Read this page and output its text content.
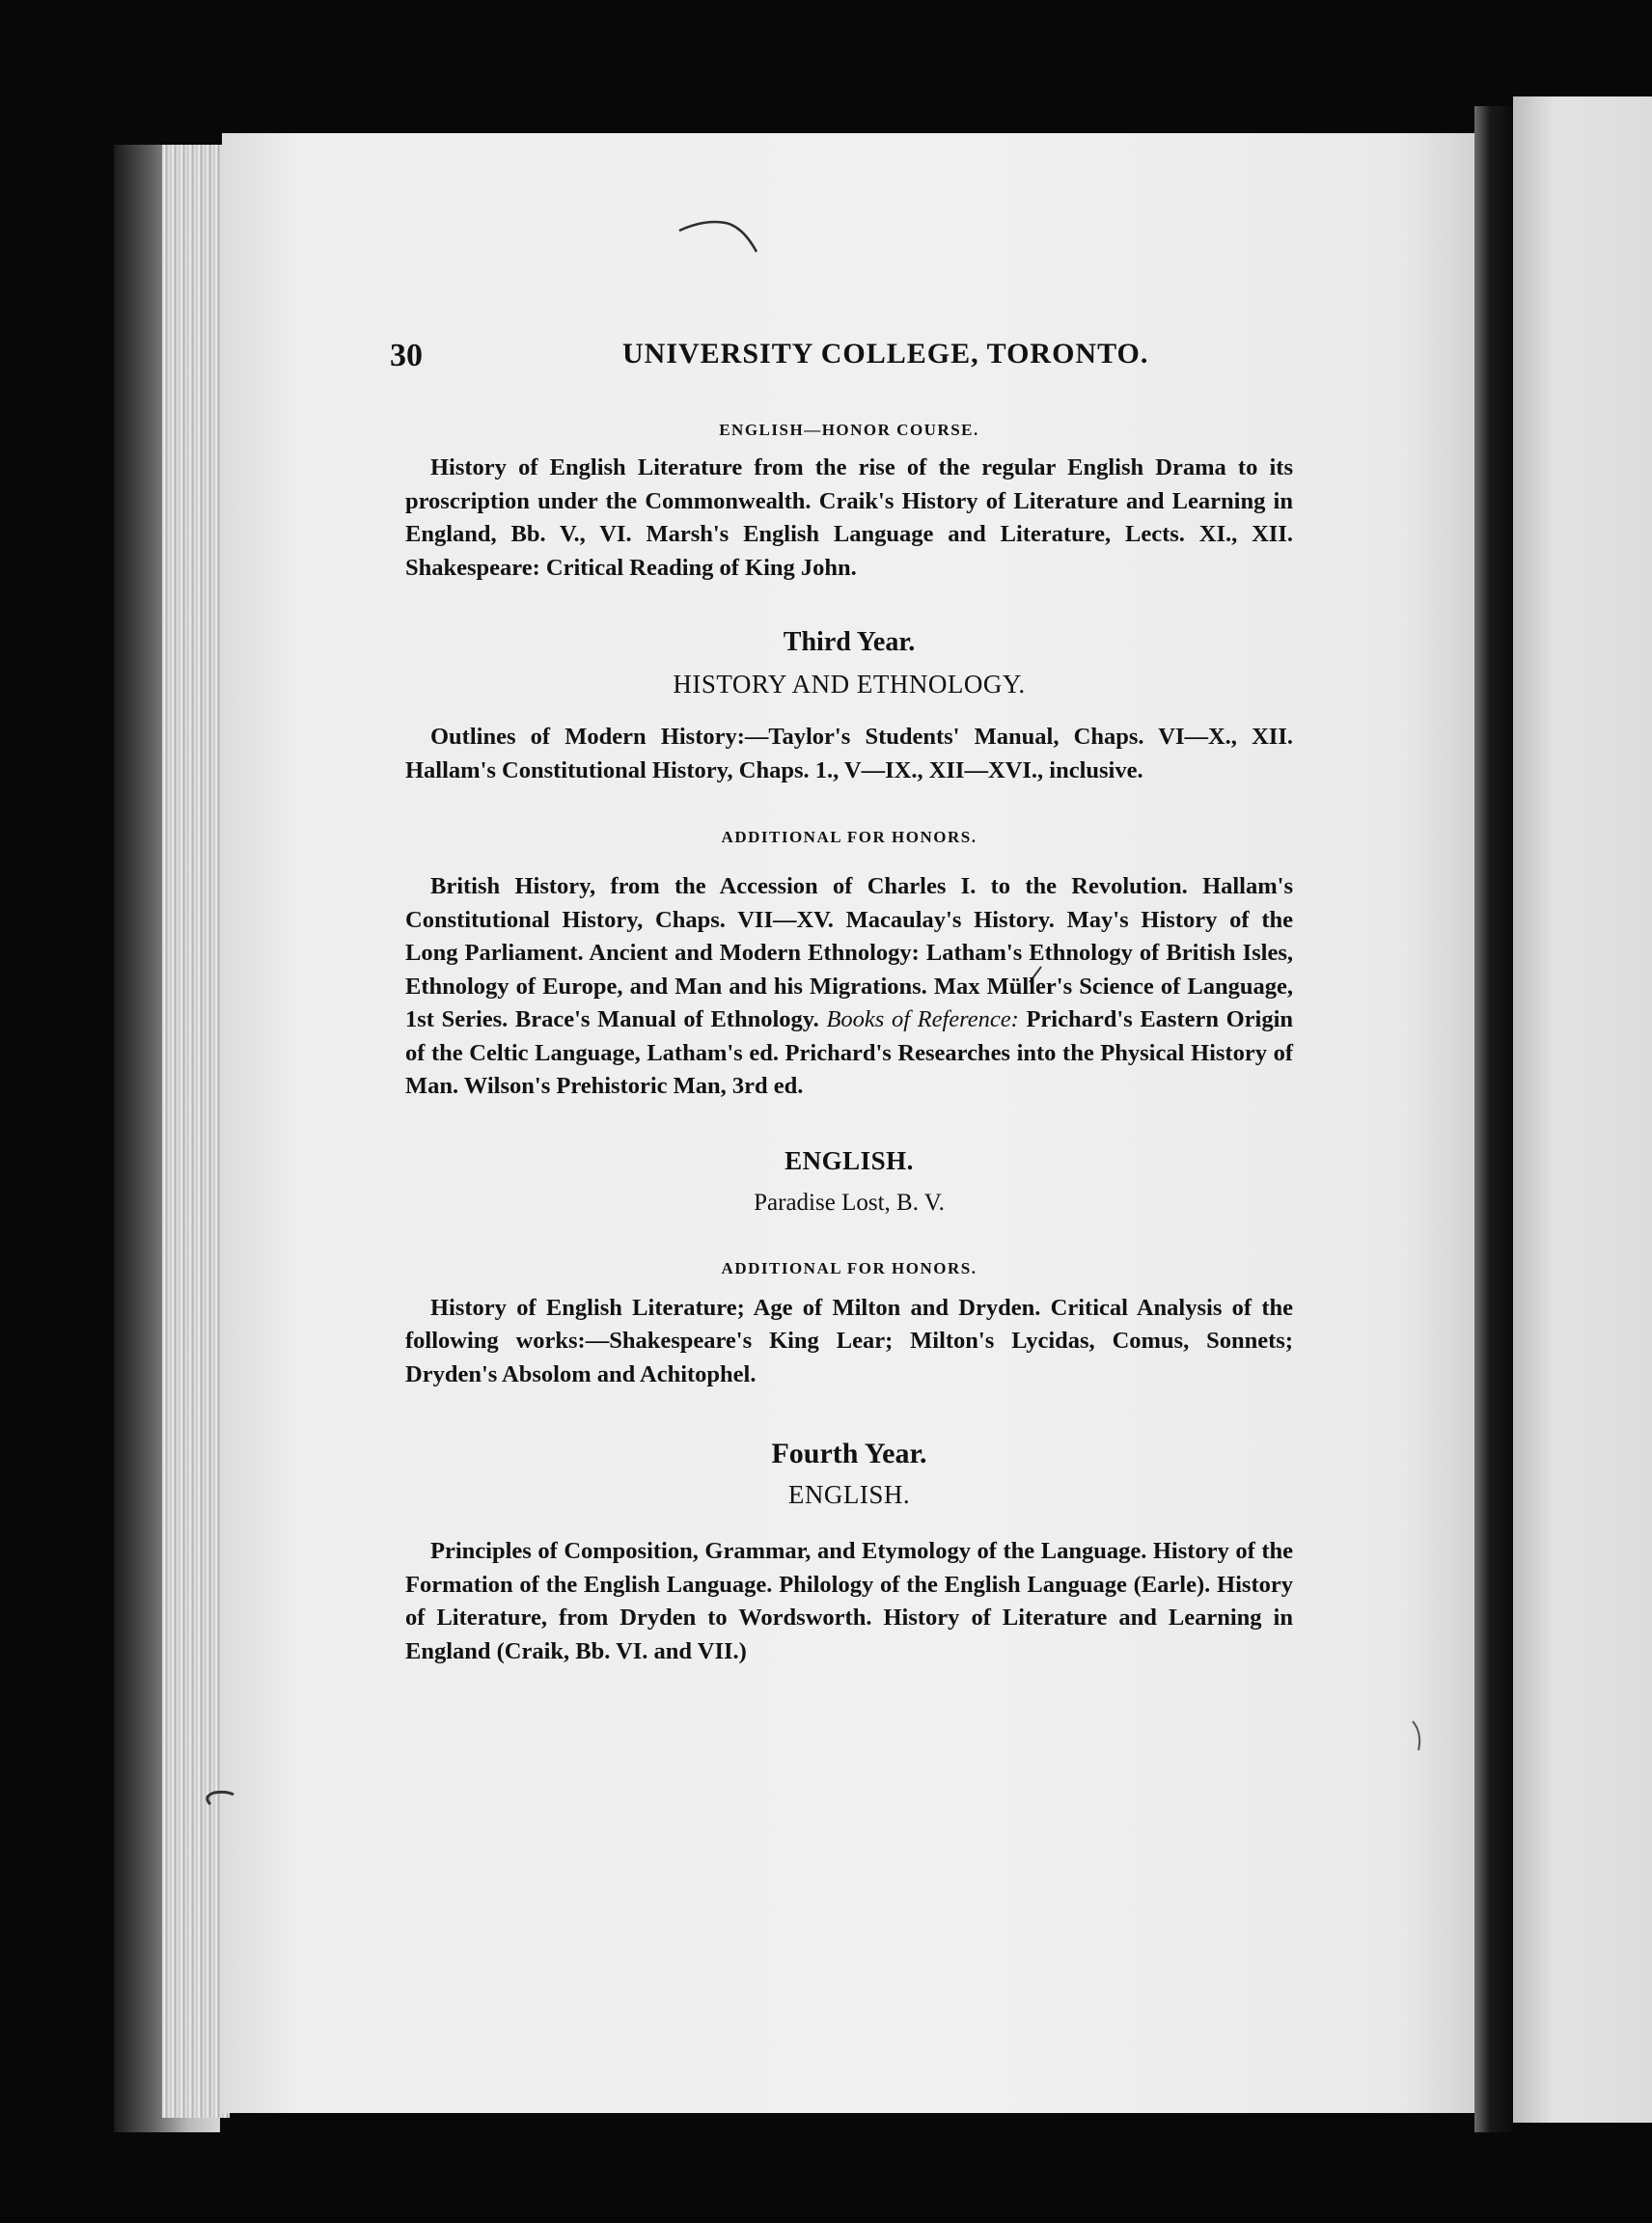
30	UNIVERSITY COLLEGE, TORONTO.
ENGLISH—HONOR COURSE.

History of English Literature from the rise of the regular English Drama to its proscription under the Commonwealth. Craik's History of Literature and Learning in England, Bb. V., VI. Marsh's English Language and Literature, Lects. XI., XII. Shakespeare: Critical Reading of King John.

Third Year.
HISTORY AND ETHNOLOGY.

Outlines of Modern History:—Taylor's Students' Manual, Chaps. VI—X., XII. Hallam's Constitutional History, Chaps. 1., V—IX., XII—XVI., inclusive.

ADDITIONAL FOR HONORS.

British History, from the Accession of Charles I. to the Revolution. Hallam's Constitutional History, Chaps. VII—XV. Macaulay's History. May's History of the Long Parliament. Ancient and Modern Ethnology: Latham's Ethnology of British Isles, Ethnology of Europe, and Man and his Migrations. Max Müller's Science of Language, 1st Series. Brace's Manual of Ethnology. Books of Reference: Prichard's Eastern Origin of the Celtic Language, Latham's ed. Prichard's Researches into the Physical History of Man. Wilson's Prehistoric Man, 3rd ed.

ENGLISH.
Paradise Lost, B. V.
ADDITIONAL FOR HONORS.

History of English Literature; Age of Milton and Dryden. Critical Analysis of the following works:—Shakespeare's King Lear; Milton's Lycidas, Comus, Sonnets; Dryden's Absolom and Achitophel.

Fourth Year.
ENGLISH.

Principles of Composition, Grammar, and Etymology of the Language. History of the Formation of the English Language. Philology of the English Language (Earle). History of Literature, from Dryden to Wordsworth. History of Literature and Learning in England (Craik, Bb. VI. and VII.)
